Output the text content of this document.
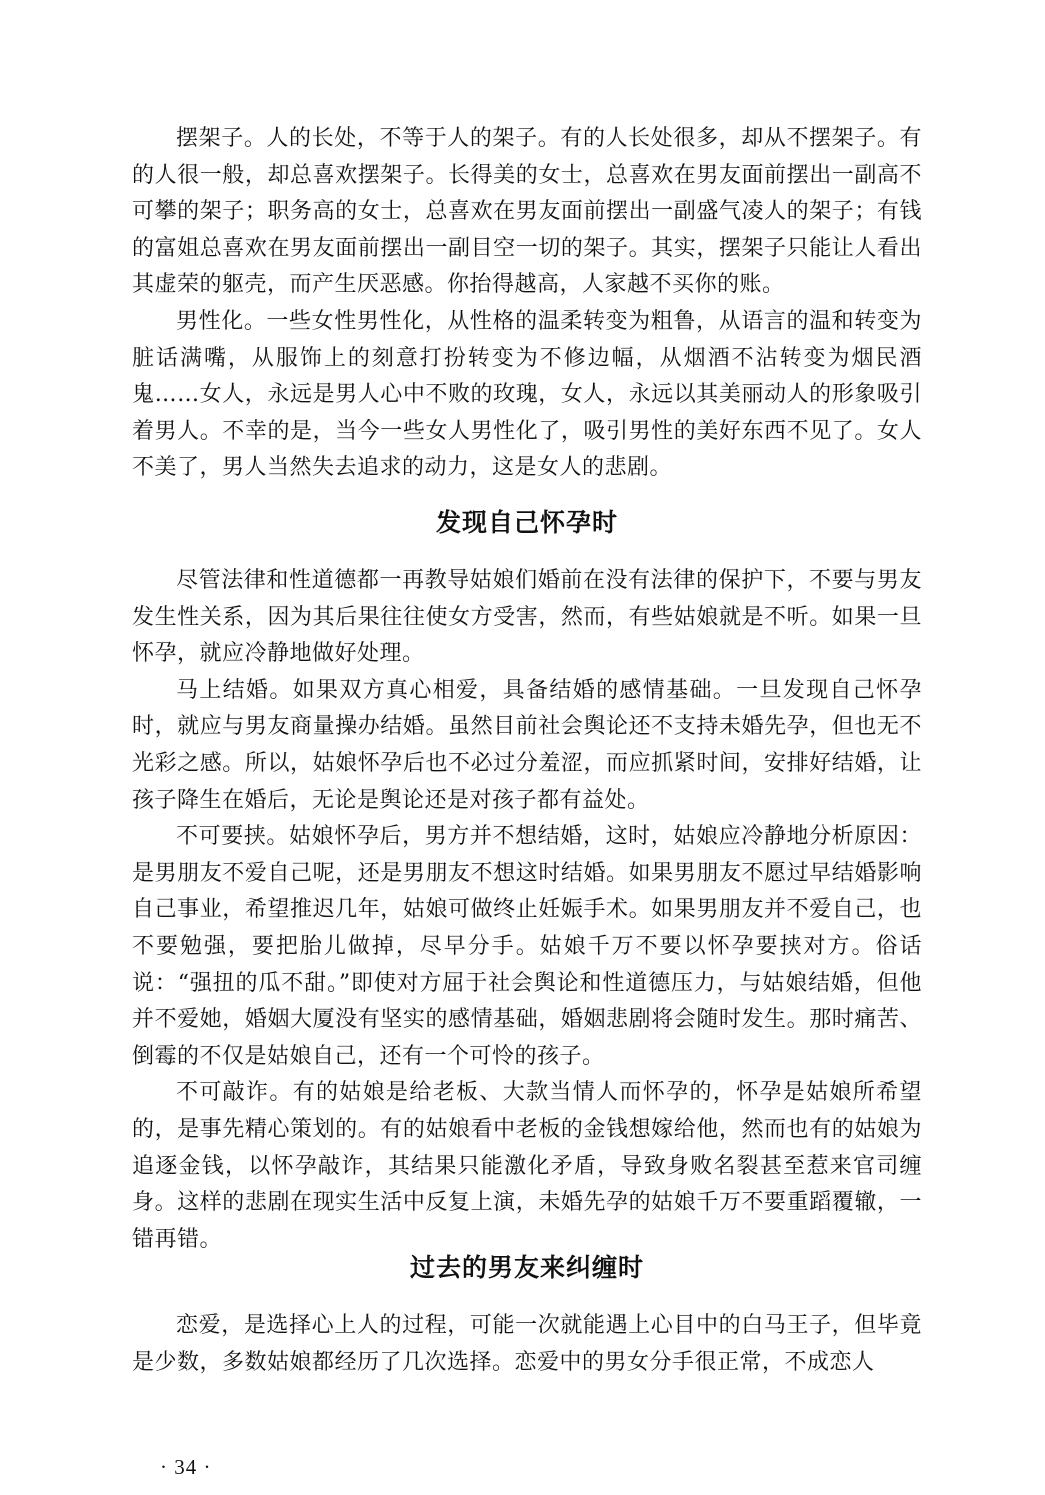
摆架子。人的长处，不等于人的架子。有的人长处很多，却从不摆架子。有的人很一般，却总喜欢摆架子。长得美的女士，总喜欢在男友面前摆出一副高不可攀的架子；职务高的女士，总喜欢在男友面前摆出一副盛气凌人的架子；有钱的富姐总喜欢在男友面前摆出一副目空一切的架子。其实，摆架子只能让人看出其虚荣的躯壳，而产生厌恶感。你抬得越高，人家越不买你的账。

男性化。一些女性男性化，从性格的温柔转变为粗鲁，从语言的温和转变为脏话满嘴，从服饰上的刻意打扮转变为不修边幅，从烟酒不沾转变为烟民酒鬼……女人，永远是男人心中不败的玫瑰，女人，永远以其美丽动人的形象吸引着男人。不幸的是，当今一些女人男性化了，吸引男性的美好东西不见了。女人不美了，男人当然失去追求的动力，这是女人的悲剧。

发现自己怀孕时

尽管法律和性道德都一再教导姑娘们婚前在没有法律的保护下，不要与男友发生性关系，因为其后果往往使女方受害，然而，有些姑娘就是不听。如果一旦怀孕，就应冷静地做好处理。

马上结婚。如果双方真心相爱，具备结婚的感情基础。一旦发现自己怀孕时，就应与男友商量操办结婚。虽然目前社会舆论还不支持未婚先孕，但也无不光彩之感。所以，姑娘怀孕后也不必过分羞涩，而应抓紧时间，安排好结婚，让孩子降生在婚后，无论是舆论还是对孩子都有益处。

不可要挟。姑娘怀孕后，男方并不想结婚，这时，姑娘应冷静地分析原因：是男朋友不爱自己呢，还是男朋友不想这时结婚。如果男朋友不愿过早结婚影响自己事业，希望推迟几年，姑娘可做终止妊娠手术。如果男朋友并不爱自己，也不要勉强，要把胎儿做掉，尽早分手。姑娘千万不要以怀孕要挟对方。俗话说：“强扭的瓜不甜。”即使对方屈于社会舆论和性道德压力，与姑娘结婚，但他并不爱她，婚姻大厦没有坚实的感情基础，婚姻悲剧将会随时发生。那时痛苦、倒霉的不仅是姑娘自己，还有一个可怜的孩子。

不可敲诈。有的姑娘是给老板、大款当情人而怀孕的，怀孕是姑娘所希望的，是事先精心策划的。有的姑娘看中老板的金钱想嫁给他，然而也有的姑娘为追逐金钱，以怀孕敲诈，其结果只能激化矛盾，导致身败名裂甚至惹来官司缠身。这样的悲剧在现实生活中反复上演，未婚先孕的姑娘千万不要重蹈覆辙，一错再错。

过去的男友来纠缠时

恋爱，是选择心上人的过程，可能一次就能遇上心目中的白马王子，但毕竟是少数，多数姑娘都经历了几次选择。恋爱中的男女分手很正常，不成恋人

· 34 ·
